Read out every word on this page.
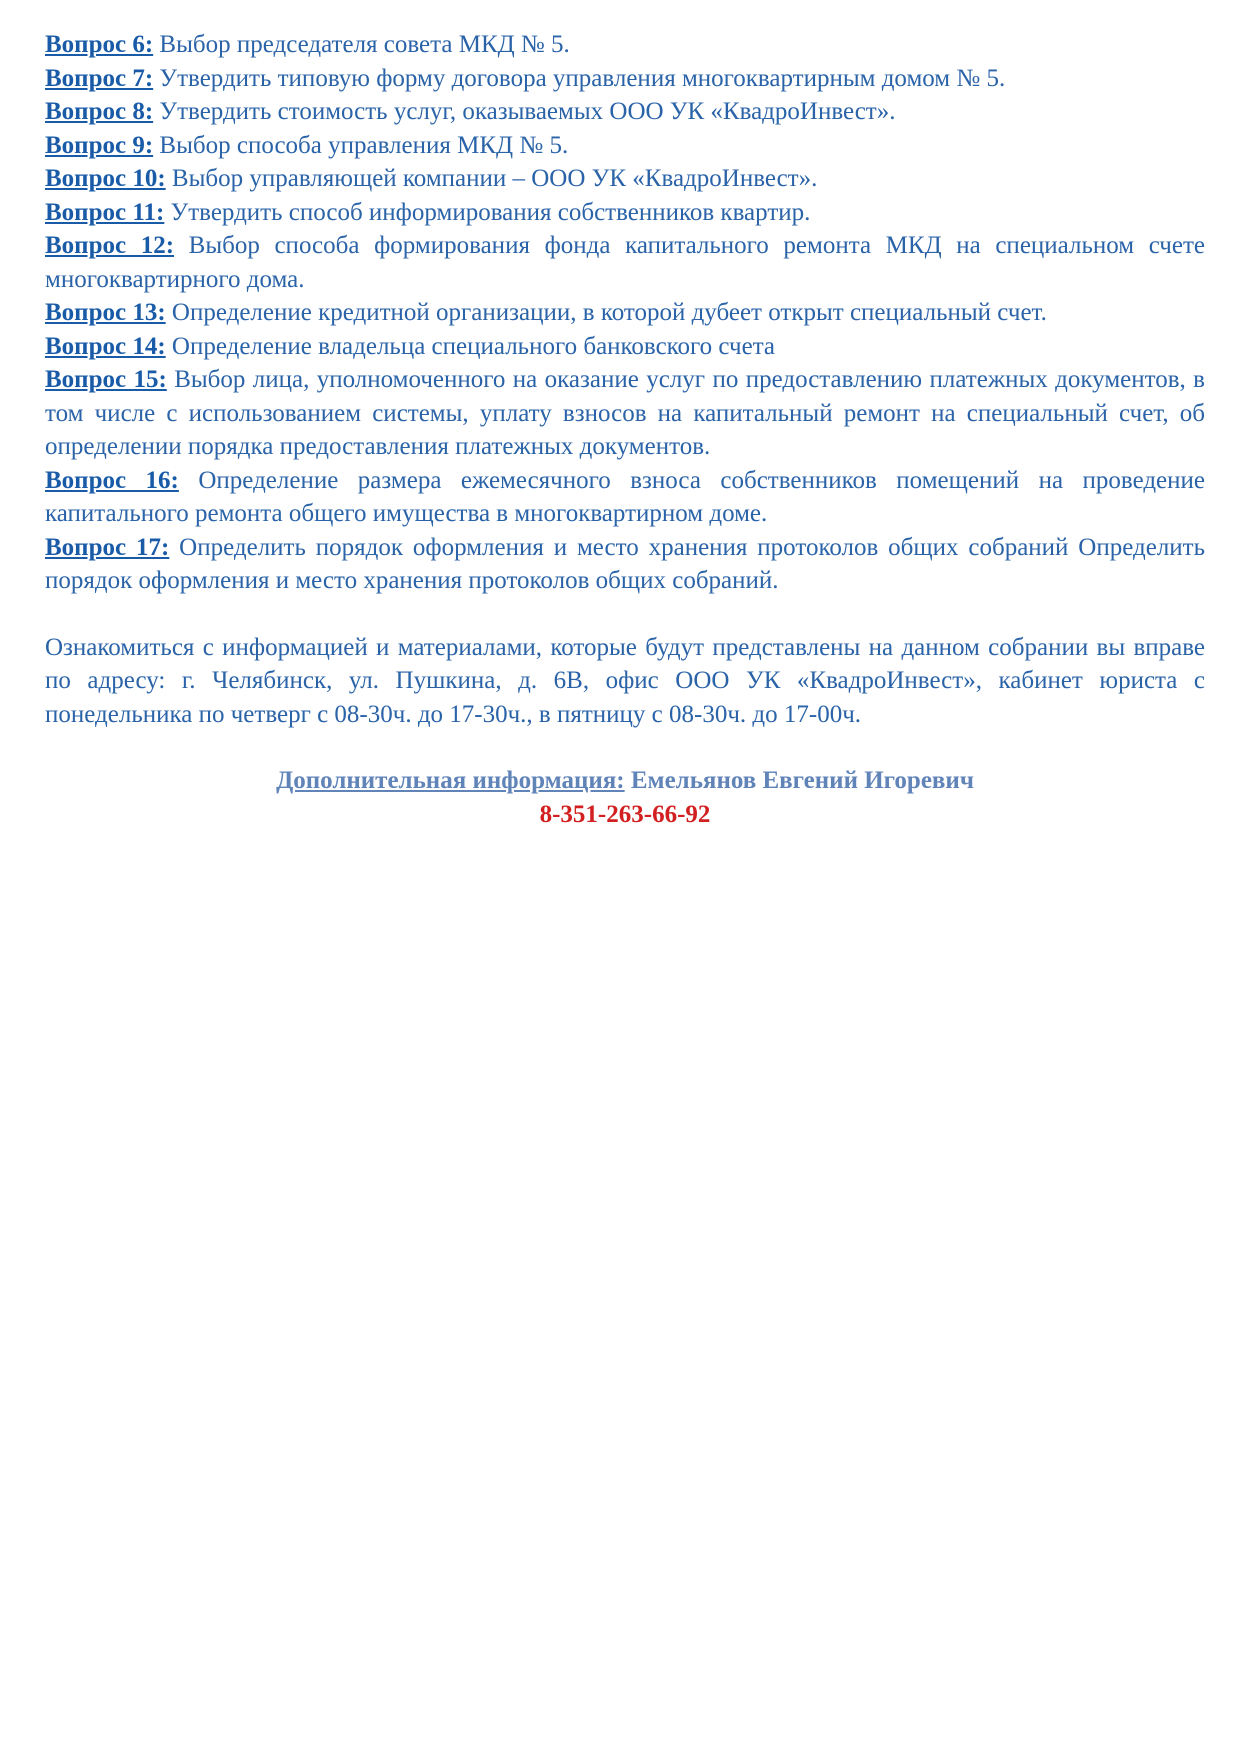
Вопрос 6: Выбор председателя совета МКД № 5.

Вопрос 7: Утвердить типовую форму договора управления многоквартирным домом № 5.

Вопрос 8: Утвердить стоимость услуг, оказываемых ООО УК «КвадроИнвест».

Вопрос 9: Выбор способа управления МКД № 5.

Вопрос 10: Выбор управляющей компании – ООО УК «КвадроИнвест».

Вопрос 11: Утвердить способ информирования собственников квартир.

Вопрос 12: Выбор способа формирования фонда капитального ремонта МКД на специальном счете многоквартирного дома.

Вопрос 13: Определение кредитной организации, в которой дубеет открыт специальный счет.

Вопрос 14: Определение владельца специального банковского счета

Вопрос 15: Выбор лица, уполномоченного на оказание услуг по предоставлению платежных документов, в том числе с использованием системы, уплату взносов на капитальный ремонт на специальный счет, об определении порядка предоставления платежных документов.

Вопрос 16: Определение размера ежемесячного взноса собственников помещений на проведение капитального ремонта общего имущества в многоквартирном доме.

Вопрос 17: Определить порядок оформления и место хранения протоколов общих собраний Определить порядок оформления и место хранения протоколов общих собраний.

Ознакомиться с информацией и материалами, которые будут представлены на данном собрании вы вправе по адресу: г. Челябинск, ул. Пушкина, д. 6В, офис ООО УК «КвадроИнвест», кабинет юриста с понедельника по четверг с 08-30ч. до 17-30ч., в пятницу с 08-30ч. до 17-00ч.

Дополнительная информация: Емельянов Евгений Игоревич
8-351-263-66-92
